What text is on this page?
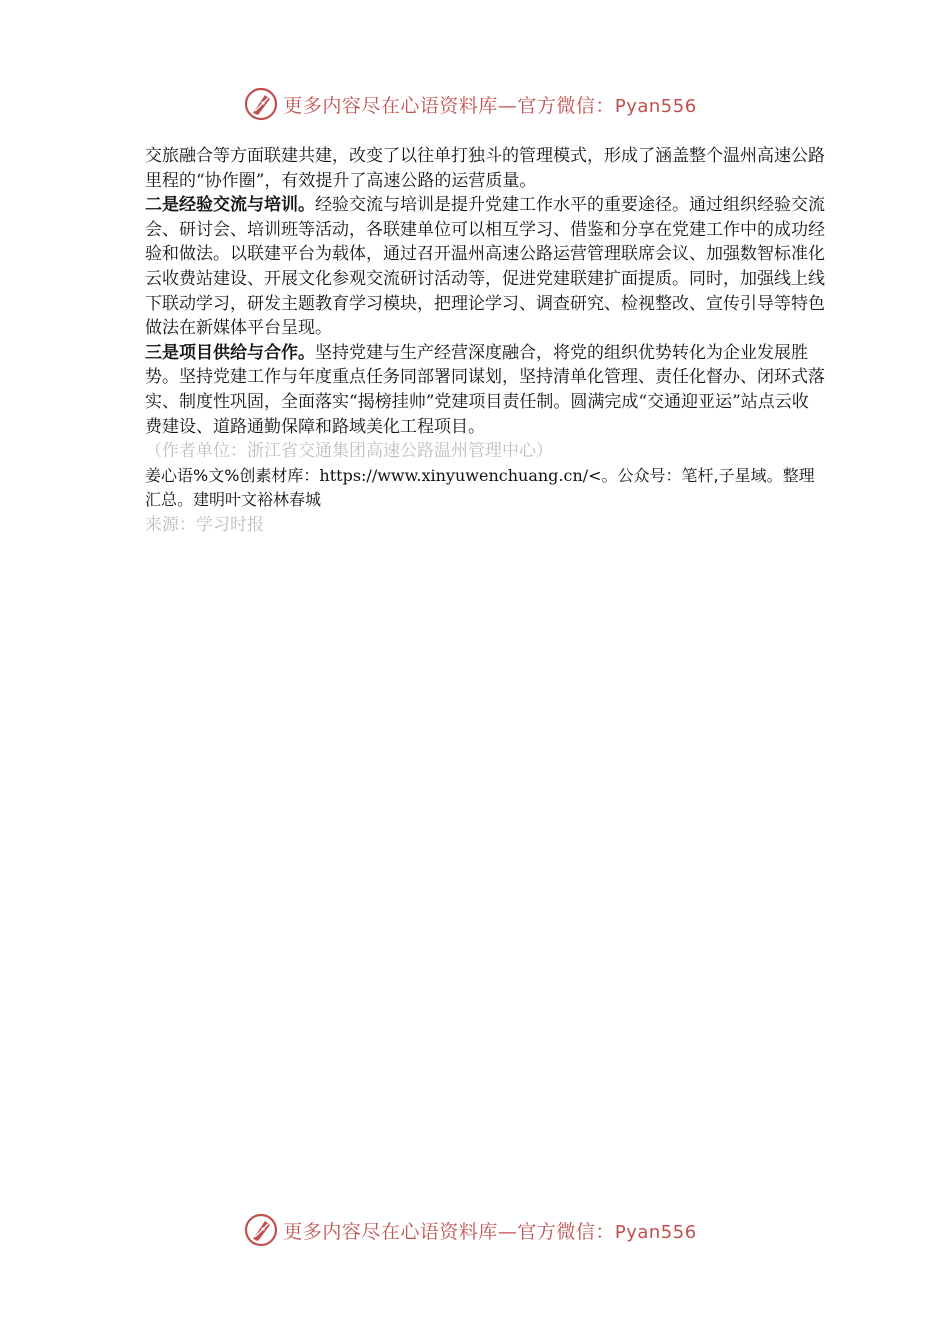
更多内容尽在心语资料库—官方微信：Pyan556

交旅融合等方面联建共建，改变了以往单打独斗的管理模式，形成了涵盖整个温州高速公路里程的“协作圈”，有效提升了高速公路的运营质量。

二是经验交流与培训。经验交流与培训是提升党建工作水平的重要途径。通过组织经验交流会、研讨会、培训班等活动，各联建单位可以相互学习、借鉴和分享在党建工作中的成功经验和做法。以联建平台为载体，通过召开温州高速公路运营管理联席会议、加强数智标准化云收费站建设、开展文化参观交流研讨活动等，促进党建联建扩面提质。同时，加强线上线下联动学习，研发主题教育学习模块，把理论学习、调查研究、检视整改、宣传引导等特色做法在新媒体平台呈现。

三是项目供给与合作。坚持党建与生产经营深度融合，将党的组织优势转化为企业发展胜势。坚持党建工作与年度重点任务同部署同谋划，坚持清单化管理、责任化督办、闭环式落实、制度性巩固，全面落实“揭榜挂帅”党建项目责任制。圆满完成“交通迎亚运”站点云收费建设、道路通勤保障和路域美化工程项目。

（作者单位：浙江省交通集团高速公路温州管理中心）

姜心语%文%创素材库：https://www.xinyuwenchuang.cn/<。公众号：笔杆,子星域。整理汇总。建明叶文裕林春城

来源：学习时报

更多内容尽在心语资料库—官方微信：Pyan556
